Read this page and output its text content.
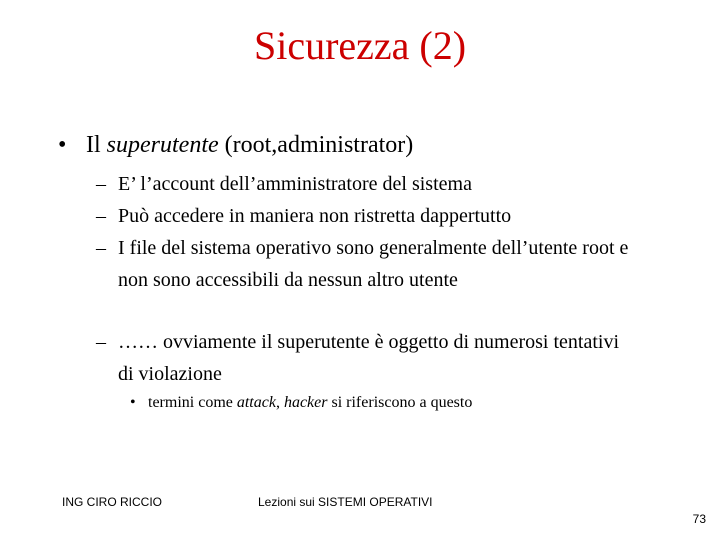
Sicurezza (2)
• Il superutente (root,administrator)
– E’ l’account dell’amministratore del sistema
– Può accedere in maniera non ristretta dappertutto
– I file del sistema operativo sono generalmente dell’utente root e non sono accessibili da nessun altro utente
– …… ovviamente il superutente è oggetto di numerosi tentativi di violazione
• termini come attack, hacker si riferiscono a questo
ING CIRO RICCIO	Lezioni sui SISTEMI OPERATIVI
73
